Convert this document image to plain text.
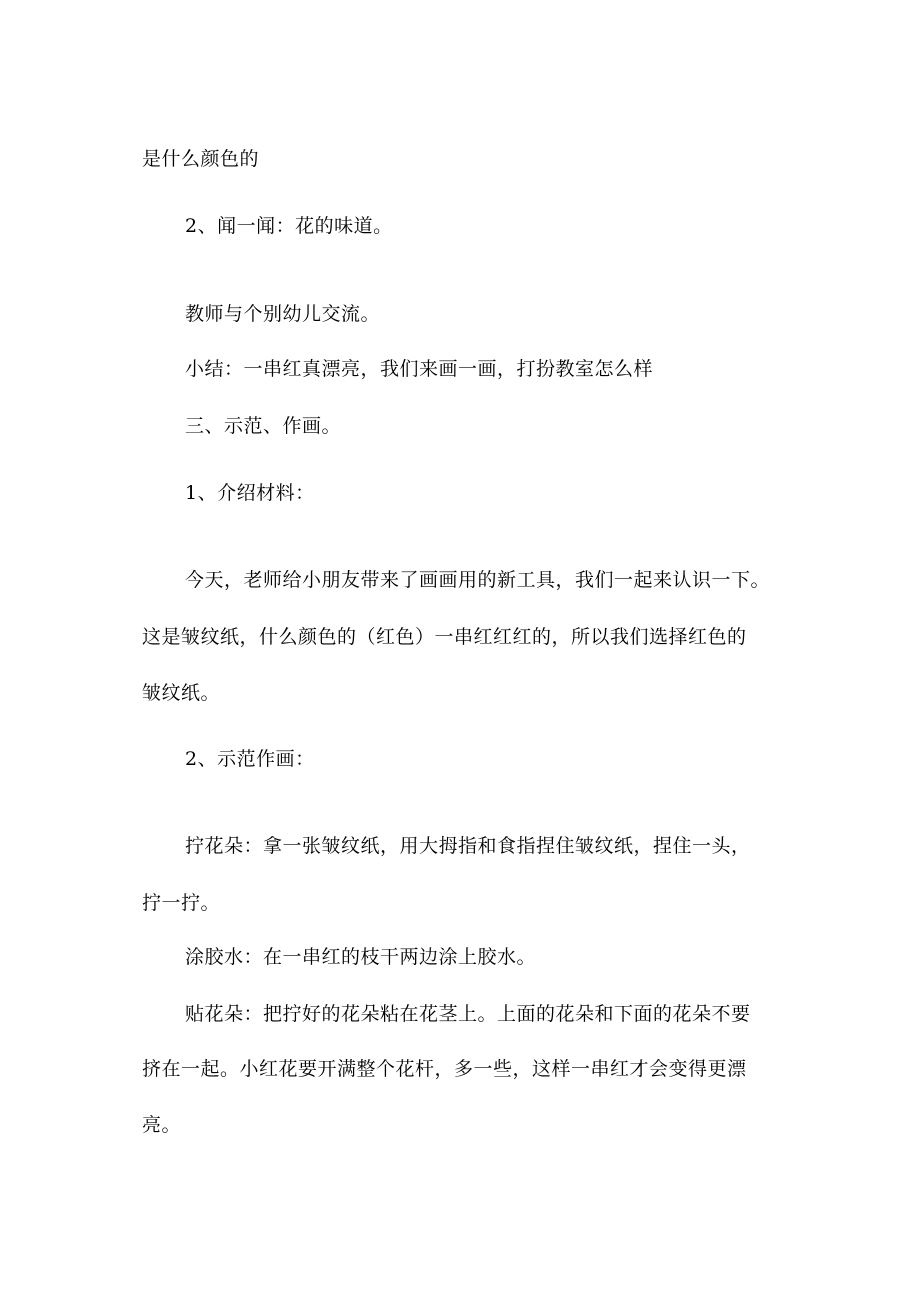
是什么颜色的
2、闻一闻：花的味道。
教师与个别幼儿交流。
小结：一串红真漂亮，我们来画一画，打扮教室怎么样
三、示范、作画。
1、介绍材料：
今天，老师给小朋友带来了画画用的新工具，我们一起来认识一下。
这是皱纹纸，什么颜色的（红色）一串红红红的，所以我们选择红色的
皱纹纸。
2、示范作画：
拧花朵：拿一张皱纹纸，用大拇指和食指捏住皱纹纸，捏住一头，
拧一拧。
涂胶水：在一串红的枝干两边涂上胶水。
贴花朵：把拧好的花朵粘在花茎上。上面的花朵和下面的花朵不要
挤在一起。小红花要开满整个花杆，多一些，这样一串红才会变得更漂
亮。
